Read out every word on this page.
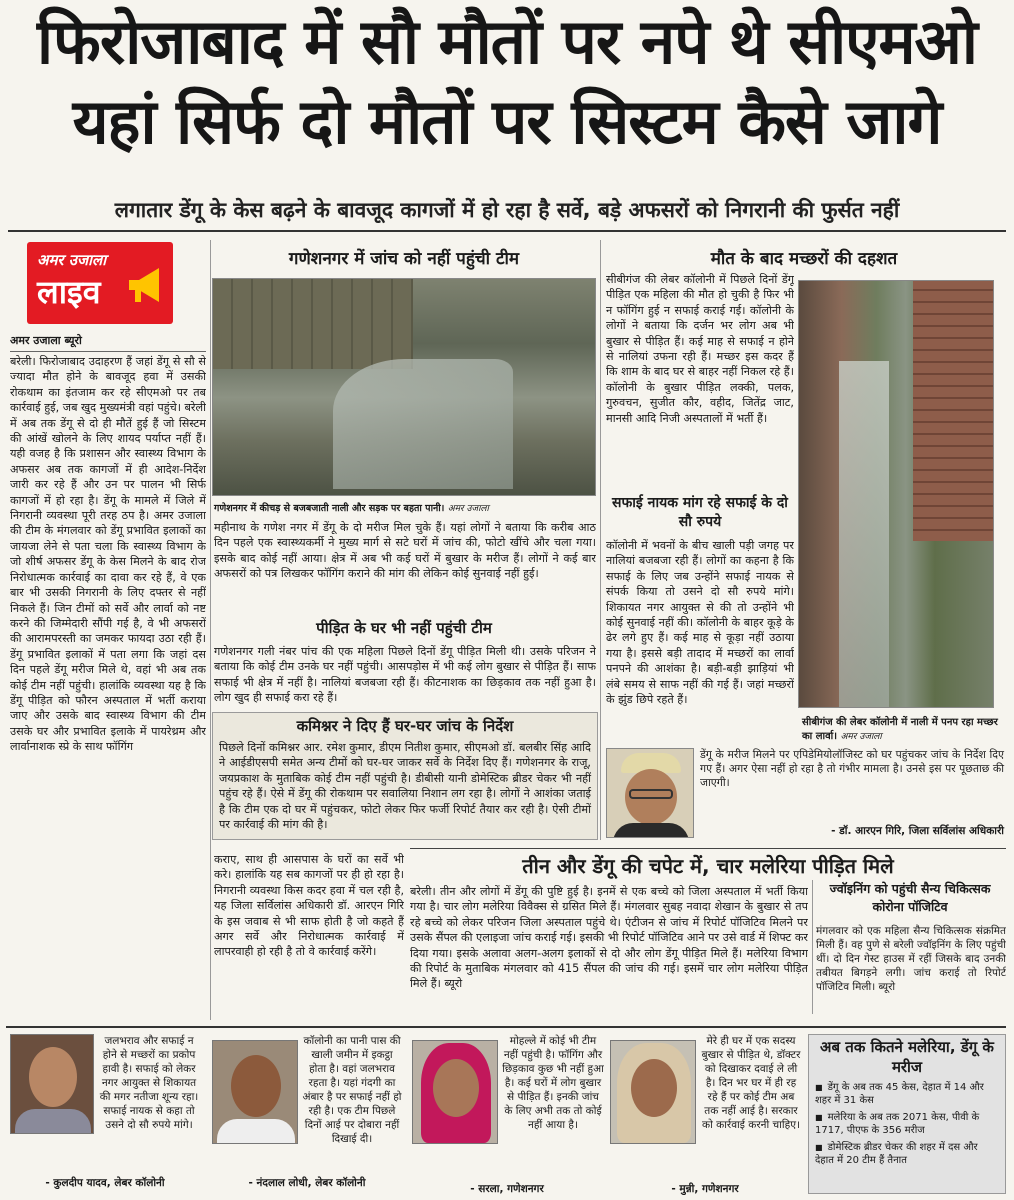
फिरोजाबाद में सौ मौतों पर नपे थे सीएमओ
यहां सिर्फ दो मौतों पर सिस्टम कैसे जागे
लगातार डेंगू के केस बढ़ने के बावजूद कागजों में हो रहा है सर्वे, बड़े अफसरों को निगरानी की फुर्सत नहीं
अमर उजाला
लाइव
अमर उजाला ब्यूरो
बरेली। फिरोजाबाद उदाहरण हैं जहां डेंगू से सौ से ज्यादा मौत होने के बावजूद हवा में उसकी रोकथाम का इंतजाम कर रहे सीएमओ पर तब कार्रवाई हुई, जब खुद मुख्यमंत्री वहां पहुंचे। बरेली में अब तक डेंगू से दो ही मौतें हुई हैं जो सिस्टम की आंखें खोलने के लिए शायद पर्याप्त नहीं हैं। यही वजह है कि प्रशासन और स्वास्थ्य विभाग के अफसर अब तक कागजों में ही आदेश-निर्देश जारी कर रहे हैं और उन पर पालन भी सिर्फ कागजों में हो रहा है। डेंगू के मामले में जिले में निगरानी व्यवस्था पूरी तरह ठप है। अमर उजाला की टीम के मंगलवार को डेंगू प्रभावित इलाकों का जायजा लेने से पता चला कि स्वास्थ्य विभाग के जो शीर्ष अफसर डेंगू के केस मिलने के बाद रोज निरोधात्मक कार्रवाई का दावा कर रहे हैं, वे एक बार भी उसकी निगरानी के लिए दफ्तर से नहीं निकले हैं। जिन टीमों को सर्वे और लार्वा को नष्ट करने की जिम्मेदारी सौंपी गई है, वे भी अफसरों की आरामपरस्ती का जमकर फायदा उठा रही हैं। डेंगू प्रभावित इलाकों में पता लगा कि जहां दस दिन पहले डेंगू मरीज मिले थे, वहां भी अब तक कोई टीम नहीं पहुंची। हालांकि व्यवस्था यह है कि डेंगू पीड़ित को फौरन अस्पताल में भर्ती कराया जाए और उसके बाद स्वास्थ्य विभाग की टीम उसके घर और प्रभावित इलाके में पायरेथ्रम और लार्वानाशक स्प्रे के साथ फॉगिंग
गणेशनगर में जांच को नहीं पहुंची टीम
गणेशनगर में कीचड़ से बजबजाती नाली और सड़क पर बहता पानी। अमर उजाला
महीनाथ के गणेश नगर में डेंगू के दो मरीज मिल चुके हैं। यहां लोगों ने बताया कि करीब आठ दिन पहले एक स्वास्थ्यकर्मी ने मुख्य मार्ग से सटे घरों में जांच की, फोटो खींचे और चला गया। इसके बाद कोई नहीं आया। क्षेत्र में अब भी कई घरों में बुखार के मरीज हैं। लोगों ने कई बार अफसरों को पत्र लिखकर फॉगिंग कराने की मांग की लेकिन कोई सुनवाई नहीं हुई।
पीड़ित के घर भी नहीं पहुंची टीम
गणेशनगर गली नंबर पांच की एक महिला पिछले दिनों डेंगू पीड़ित मिली थी। उसके परिजन ने बताया कि कोई टीम उनके घर नहीं पहुंची। आसपड़ोस में भी कई लोग बुखार से पीड़ित हैं। साफ सफाई भी क्षेत्र में नहीं है। नालियां बजबजा रही हैं। कीटनाशक का छिड़काव तक नहीं हुआ है। लोग खुद ही सफाई करा रहे हैं।
कमिश्नर ने दिए हैं घर-घर जांच के निर्देश
पिछले दिनों कमिश्नर आर. रमेश कुमार, डीएम नितीश कुमार, सीएमओ डॉ. बलबीर सिंह आदि ने आईडीएसपी समेत अन्य टीमों को घर-घर जाकर सर्वे के निर्देश दिए हैं। गणेशनगर के राजू, जयप्रकाश के मुताबिक कोई टीम नहीं पहुंची है। डीबीसी यानी डोमेस्टिक ब्रीडर चेकर भी नहीं पहुंच रहे हैं। ऐसे में डेंगू की रोकथाम पर सवालिया निशान लग रहा है। लोगों ने आशंका जताई है कि टीम एक दो घर में पहुंचकर, फोटो लेकर फिर फर्जी रिपोर्ट तैयार कर रही है। ऐसी टीमों पर कार्रवाई की मांग की है।
कराए, साथ ही आसपास के घरों का सर्वे भी करे। हालांकि यह सब कागजों पर ही हो रहा है। निगरानी व्यवस्था किस कदर हवा में चल रही है, यह जिला सर्विलांस अधिकारी डॉ. आरएन गिरि के इस जवाब से भी साफ होती है जो कहते हैं अगर सर्वे और निरोधात्मक कार्रवाई में लापरवाही हो रही है तो वे कार्रवाई करेंगे।
मौत के बाद मच्छरों की दहशत
सीबीगंज की लेबर कॉलोनी में पिछले दिनों डेंगू पीड़ित एक महिला की मौत हो चुकी है फिर भी न फॉगिंग हुई न सफाई कराई गई। कॉलोनी के लोगों ने बताया कि दर्जन भर लोग अब भी बुखार से पीड़ित हैं। कई माह से सफाई न होने से नालियां उफना रही हैं। मच्छर इस कदर हैं कि शाम के बाद घर से बाहर नहीं निकल रहे हैं। कॉलोनी के बुखार पीड़ित लक्की, पलक, गुरुवचन, सुजीत कौर, वहीद, जितेंद्र जाट, मानसी आदि निजी अस्पतालों में भर्ती हैं।
सीबीगंज की लेबर कॉलोनी में नाली में पनप रहा मच्छर का लार्वा। अमर उजाला
सफाई नायक मांग रहे सफाई के दो सौ रुपये
कॉलोनी में भवनों के बीच खाली पड़ी जगह पर नालियां बजबजा रही हैं। लोगों का कहना है कि सफाई के लिए जब उन्होंने सफाई नायक से संपर्क किया तो उसने दो सौ रुपये मांगे। शिकायत नगर आयुक्त से की तो उन्होंने भी कोई सुनवाई नहीं की। कॉलोनी के बाहर कूड़े के ढेर लगे हुए हैं। कई माह से कूड़ा नहीं उठाया गया है। इससे बड़ी तादाद में मच्छरों का लार्वा पनपने की आशंका है। बड़ी-बड़ी झाड़ियां भी लंबे समय से साफ नहीं की गई हैं। जहां मच्छरों के झुंड छिपे रहते हैं।
डेंगू के मरीज मिलने पर एपिडेमियोलॉजिस्ट को घर पहुंचकर जांच के निर्देश दिए गए हैं। अगर ऐसा नहीं हो रहा है तो गंभीर मामला है। उनसे इस पर पूछताछ की जाएगी।
- डॉ. आरएन गिरि, जिला सर्विलांस अधिकारी
तीन और डेंगू की चपेट में, चार मलेरिया पीड़ित मिले
बरेली। तीन और लोगों में डेंगू की पुष्टि हुई है। इनमें से एक बच्चे को जिला अस्पताल में भर्ती किया गया है। चार लोग मलेरिया विवैक्स से ग्रसित मिले हैं। मंगलवार सुबह नवादा शेखान के बुखार से तप रहे बच्चे को लेकर परिजन जिला अस्पताल पहुंचे थे। एंटीजन से जांच में रिपोर्ट पॉजिटिव मिलने पर उसके सैंपल की एलाइजा जांच कराई गई। इसकी भी रिपोर्ट पॉजिटिव आने पर उसे वार्ड में शिफ्ट कर दिया गया। इसके अलावा अलग-अलग इलाकों से दो और लोग डेंगू पीड़ित मिले हैं। मलेरिया विभाग की रिपोर्ट के मुताबिक मंगलवार को 415 सैंपल की जांच की गई। इसमें चार लोग मलेरिया पीड़ित मिले हैं। ब्यूरो
ज्वॉइनिंग को पहुंची सैन्य चिकित्सक कोरोना पॉजिटिव
मंगलवार को एक महिला सैन्य चिकित्सक संक्रमित मिली हैं। वह पुणे से बरेली ज्वॉइनिंग के लिए पहुंची थीं। दो दिन गेस्ट हाउस में रहीं जिसके बाद उनकी तबीयत बिगड़ने लगी। जांच कराई तो रिपोर्ट पॉजिटिव मिली। ब्यूरो
जलभराव और सफाई न होने से मच्छरों का प्रकोप हावी है। सफाई को लेकर नगर आयुक्त से शिकायत की मगर नतीजा शून्य रहा। सफाई नायक से कहा तो उसने दो सौ रुपये मांगे।
- कुलदीप यादव, लेबर कॉलोनी
कॉलोनी का पानी पास की खाली जमीन में इकट्ठा होता है। वहां जलभराव रहता है। यहां गंदगी का अंबार है पर सफाई नहीं हो रही है। एक टीम पिछले दिनों आई पर दोबारा नहीं दिखाई दी।
- नंदलाल लोधी, लेबर कॉलोनी
मोहल्ले में कोई भी टीम नहीं पहुंची है। फॉगिंग और छिड़काव कुछ भी नहीं हुआ है। कई घरों में लोग बुखार से पीड़ित हैं। इनकी जांच के लिए अभी तक तो कोई नहीं आया है।
- सरला, गणेशनगर
मेरे ही घर में एक सदस्य बुखार से पीड़ित थे, डॉक्टर को दिखाकर दवाई ले ली है। दिन भर घर में ही रह रहे हैं पर कोई टीम अब तक नहीं आई है। सरकार को कार्रवाई करनी चाहिए।
- मुन्नी, गणेशनगर
अब तक कितने मलेरिया, डेंगू के मरीज
■ डेंगू के अब तक 45 केस, देहात में 14 और शहर में 31 केस
■ मलेरिया के अब तक 2071 केस, पीवी के 1717, पीएफ के 356 मरीज
■ डोमेस्टिक ब्रीडर चेकर की शहर में दस और देहात में 20 टीम हैं तैनात
